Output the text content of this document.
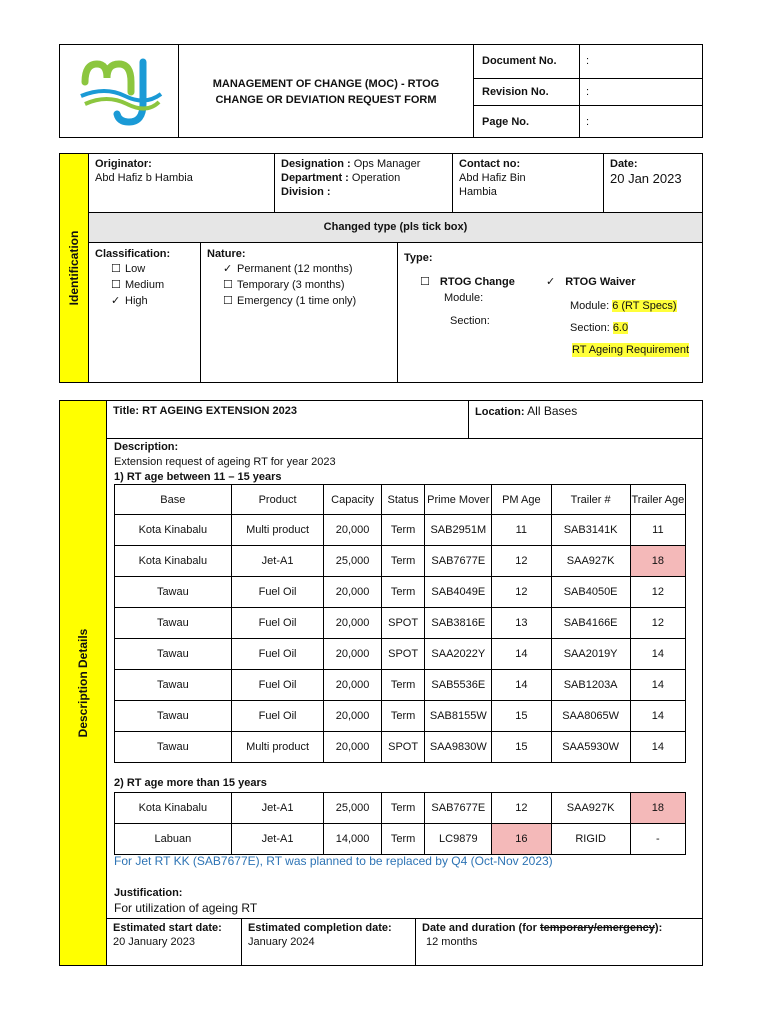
MANAGEMENT OF CHANGE (MOC) - RTOG
CHANGE OR DEVIATION REQUEST FORM
Document No.	:
Revision No.	:
Page No.	:
Identification
Originator:
Abd Hafiz b Hambia
Designation : Ops Manager
Department : Operation
Division :
Contact no:
Abd Hafiz Bin
Hambia
Date:
20 Jan 2023
Changed type (pls tick box)
Classification:
☐ Low
☐ Medium
✓ High
Nature:
✓ Permanent (12 months)
☐ Temporary (3 months)
☐ Emergency (1 time only)
Type:
☐ RTOG Change
Module:
Section:
✓ RTOG Waiver
Module: 6 (RT Specs)
Section: 6.0
RT Ageing Requirement
Description Details
Title: RT AGEING EXTENSION 2023	Location: All Bases
Description:
Extension request of ageing RT for year 2023
1) RT age between 11 – 15 years
Base	Product	Capacity	Status	Prime Mover	PM Age	Trailer #	Trailer Age
Kota Kinabalu	Multi product	20,000	Term	SAB2951M	11	SAB3141K	11
Kota Kinabalu	Jet-A1	25,000	Term	SAB7677E	12	SAA927K	18
Tawau	Fuel Oil	20,000	Term	SAB4049E	12	SAB4050E	12
Tawau	Fuel Oil	20,000	SPOT	SAB3816E	13	SAB4166E	12
Tawau	Fuel Oil	20,000	SPOT	SAA2022Y	14	SAA2019Y	14
Tawau	Fuel Oil	20,000	Term	SAB5536E	14	SAB1203A	14
Tawau	Fuel Oil	20,000	Term	SAB8155W	15	SAA8065W	14
Tawau	Multi product	20,000	SPOT	SAA9830W	15	SAA5930W	14
2) RT age more than 15 years
Kota Kinabalu	Jet-A1	25,000	Term	SAB7677E	12	SAA927K	18
Labuan	Jet-A1	14,000	Term	LC9879	16	RIGID	-
For Jet RT KK (SAB7677E), RT was planned to be replaced by Q4 (Oct-Nov 2023)
Justification:
For utilization of ageing RT
Estimated start date:
20 January 2023
Estimated completion date:
January 2024
Date and duration (for temporary/emergency):
12 months
